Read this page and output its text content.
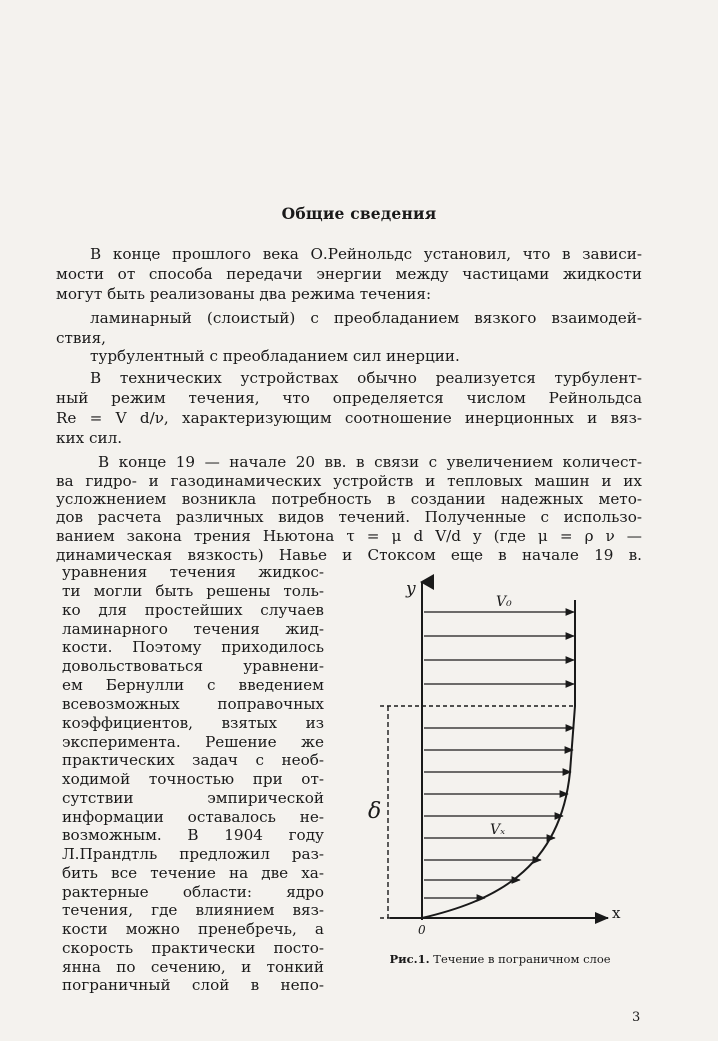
Общие сведения
В конце прошлого века О.Рейнольдс установил, что в зависи-
мости от способа передачи энергии между частицами жидкости
могут быть реализованы два режима течения:
ламинарный (слоистый) с преобладанием вязкого взаимодей-
ствия,
турбулентный с преобладанием сил инерции.
В технических устройствах обычно реализуется турбулент-
ный режим течения, что определяется числом Рейнольдса
Re = V d/ν, характеризующим соотношение инерционных и вяз-
ких сил.
В конце 19 — начале 20 вв. в связи с увеличением количест-
ва гидро- и газодинамических устройств и тепловых машин и их
усложнением возникла потребность в создании надежных мето-
дов расчета различных видов течений. Полученные с использо-
ванием закона трения Ньютона τ = μ d V/d y (где μ = ρ ν —
динамическая вязкость) Навье и Стоксом еще в начале 19 в.
уравнения течения жидкос-
ти могли быть решены толь-
ко для простейших случаев
ламинарного течения жид-
кости. Поэтому приходилось
довольствоваться уравнени-
ем Бернулли с введением
всевозможных поправочных
коэффициентов, взятых из
эксперимента. Решение же
практических задач с необ-
ходимой точностью при от-
сутствии эмпирической
информации оставалось не-
возможным. В 1904 году
Л.Прандтль предложил раз-
бить все течение на две ха-
рактерные области: ядро
течения, где влиянием вяз-
кости можно пренебречь, а
скорость практически посто-
янна по сечению, и тонкий
пограничный слой в непо-
y
x
0
V₀
Vₓ
δ
Рис.1. Течение в пограничном слое
3
